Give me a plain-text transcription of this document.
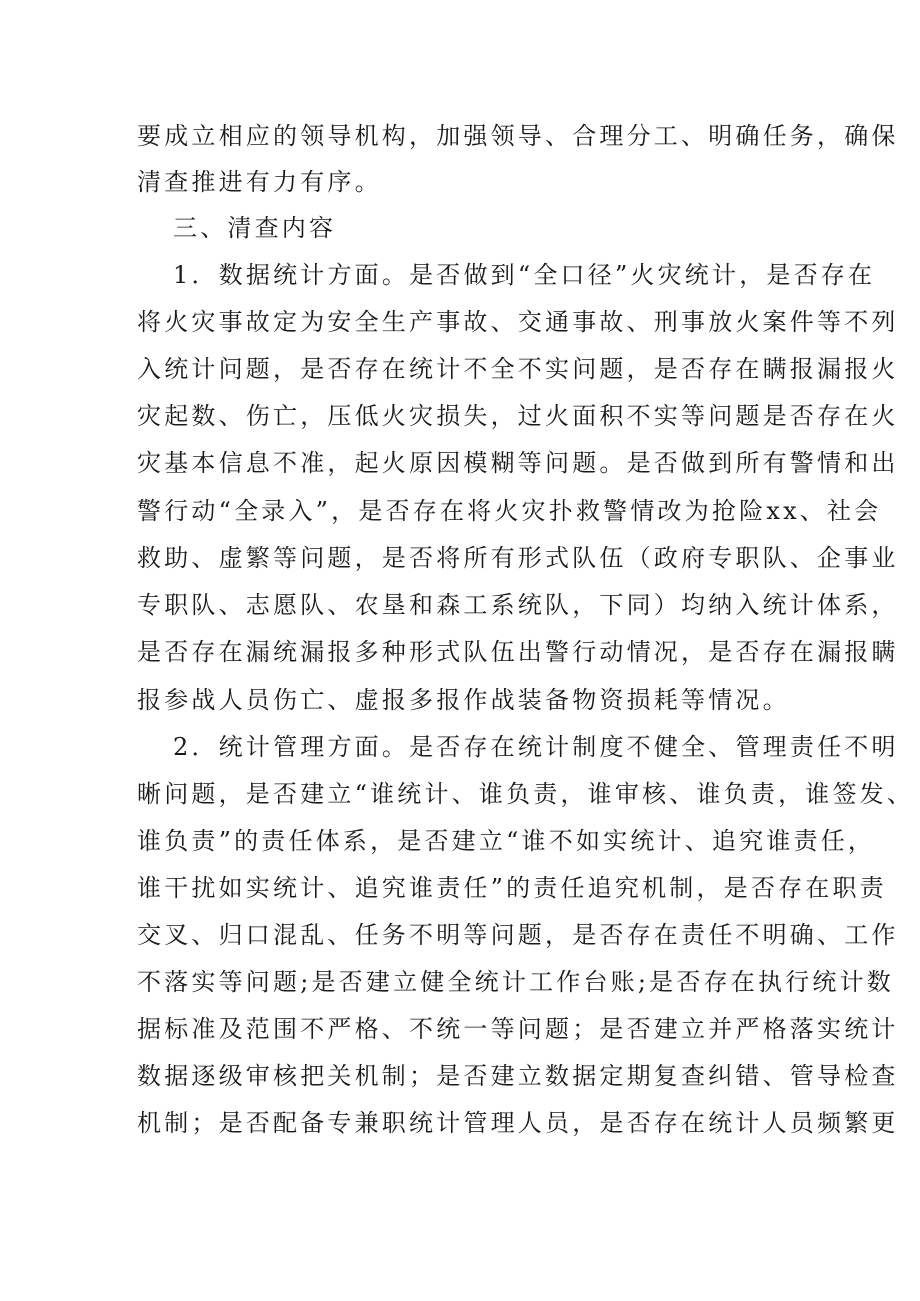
要成立相应的领导机构，加强领导、合理分工、明确任务，确保
清查推进有力有序。
三、清查内容
1．数据统计方面。是否做到“全口径”火灾统计，是否存在
将火灾事故定为安全生产事故、交通事故、刑事放火案件等不列
入统计问题，是否存在统计不全不实问题，是否存在瞒报漏报火
灾起数、伤亡，压低火灾损失，过火面积不实等问题是否存在火
灾基本信息不准，起火原因模糊等问题。是否做到所有警情和出
警行动“全录入”，是否存在将火灾扑救警情改为抢险xx、社会
救助、虚繁等问题，是否将所有形式队伍（政府专职队、企事业
专职队、志愿队、农垦和森工系统队，下同）均纳入统计体系，
是否存在漏统漏报多种形式队伍出警行动情况，是否存在漏报瞒
报参战人员伤亡、虚报多报作战装备物资损耗等情况。
2．统计管理方面。是否存在统计制度不健全、管理责任不明
晰问题，是否建立“谁统计、谁负责，谁审核、谁负责，谁签发、
谁负责”的责任体系，是否建立“谁不如实统计、追究谁责任，
谁干扰如实统计、追究谁责任”的责任追究机制，是否存在职责
交叉、归口混乱、任务不明等问题，是否存在责任不明确、工作
不落实等问题;是否建立健全统计工作台账;是否存在执行统计数
据标准及范围不严格、不统一等问题；是否建立并严格落实统计
数据逐级审核把关机制；是否建立数据定期复查纠错、管导检查
机制；是否配备专兼职统计管理人员，是否存在统计人员频繁更
